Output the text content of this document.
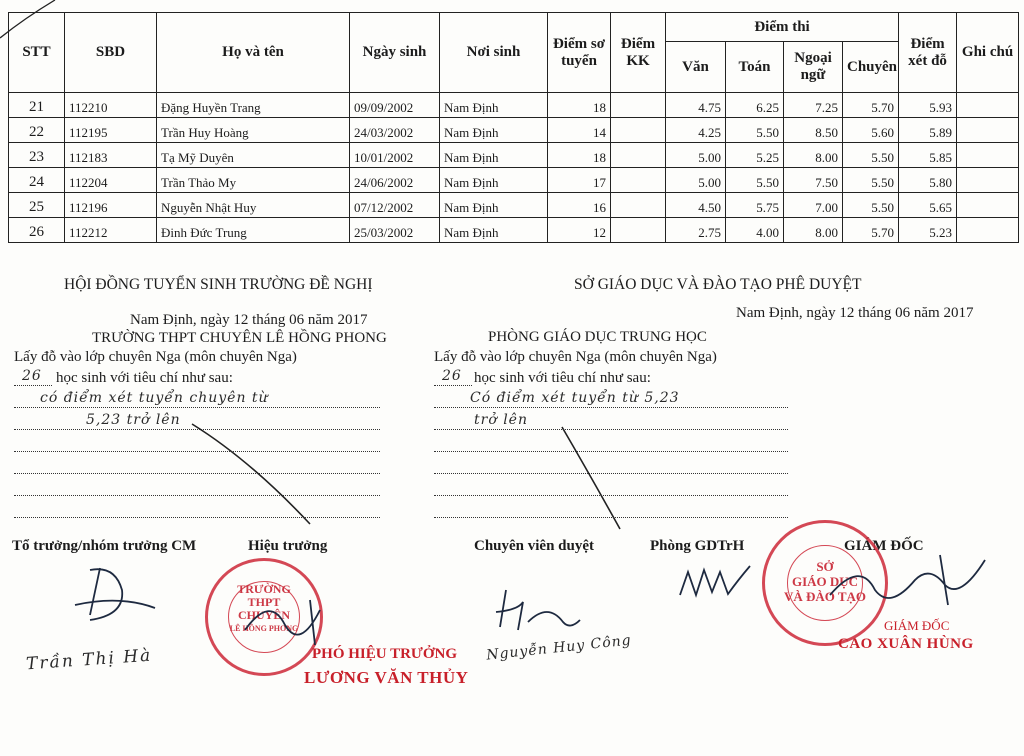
STT	SBD	Họ và tên	Ngày sinh	Nơi sinh	Điểm sơ tuyển	Điểm KK	Điểm thi				Điểm xét đỗ	Ghi chú
							Văn	Toán	Ngoại ngữ	Chuyên		
21	112210	Đặng Huyền Trang	09/09/2002	Nam Định	18		4.75	6.25	7.25	5.70	5.93	
22	112195	Trần Huy Hoàng	24/03/2002	Nam Định	14		4.25	5.50	8.50	5.60	5.89	
23	112183	Tạ Mỹ Duyên	10/01/2002	Nam Định	18		5.00	5.25	8.00	5.50	5.85	
24	112204	Trần Thảo My	24/06/2002	Nam Định	17		5.00	5.50	7.50	5.50	5.80	
25	112196	Nguyễn Nhật Huy	07/12/2002	Nam Định	16		4.50	5.75	7.00	5.50	5.65	
26	112212	Đinh Đức Trung	25/03/2002	Nam Định	12		2.75	4.00	8.00	5.70	5.23	
HỘI ĐỒNG TUYỂN SINH TRƯỜNG ĐỀ NGHỊ
Nam Định, ngày 12 tháng 06 năm 2017
TRƯỜNG THPT CHUYÊN LÊ HỒNG PHONG
Lấy đỗ vào lớp chuyên Nga (môn chuyên Nga)
26 học sinh với tiêu chí như sau:
có điểm xét tuyển chuyên từ
5,23 trở lên
Tổ trưởng/nhóm trưởng CM	Hiệu trưởng
Trần Thị Hà
TRƯỜNG
THPT
CHUYÊN
LÊ HỒNG PHONG
PHÓ HIỆU TRƯỞNG
LƯƠNG VĂN THỦY
SỞ GIÁO DỤC VÀ ĐÀO TẠO PHÊ DUYỆT
Nam Định, ngày 12 tháng 06 năm 2017
PHÒNG GIÁO DỤC TRUNG HỌC
Lấy đỗ vào lớp chuyên Nga (môn chuyên Nga)
26 học sinh với tiêu chí như sau:
Có điểm xét tuyển từ 5,23
trở lên
Chuyên viên duyệt	Phòng GDTrH	GIÁM ĐỐC
Nguyễn Huy Công
SỞ
GIÁO DỤC
VÀ ĐÀO TẠO
GIÁM ĐỐC
CAO XUÂN HÙNG
